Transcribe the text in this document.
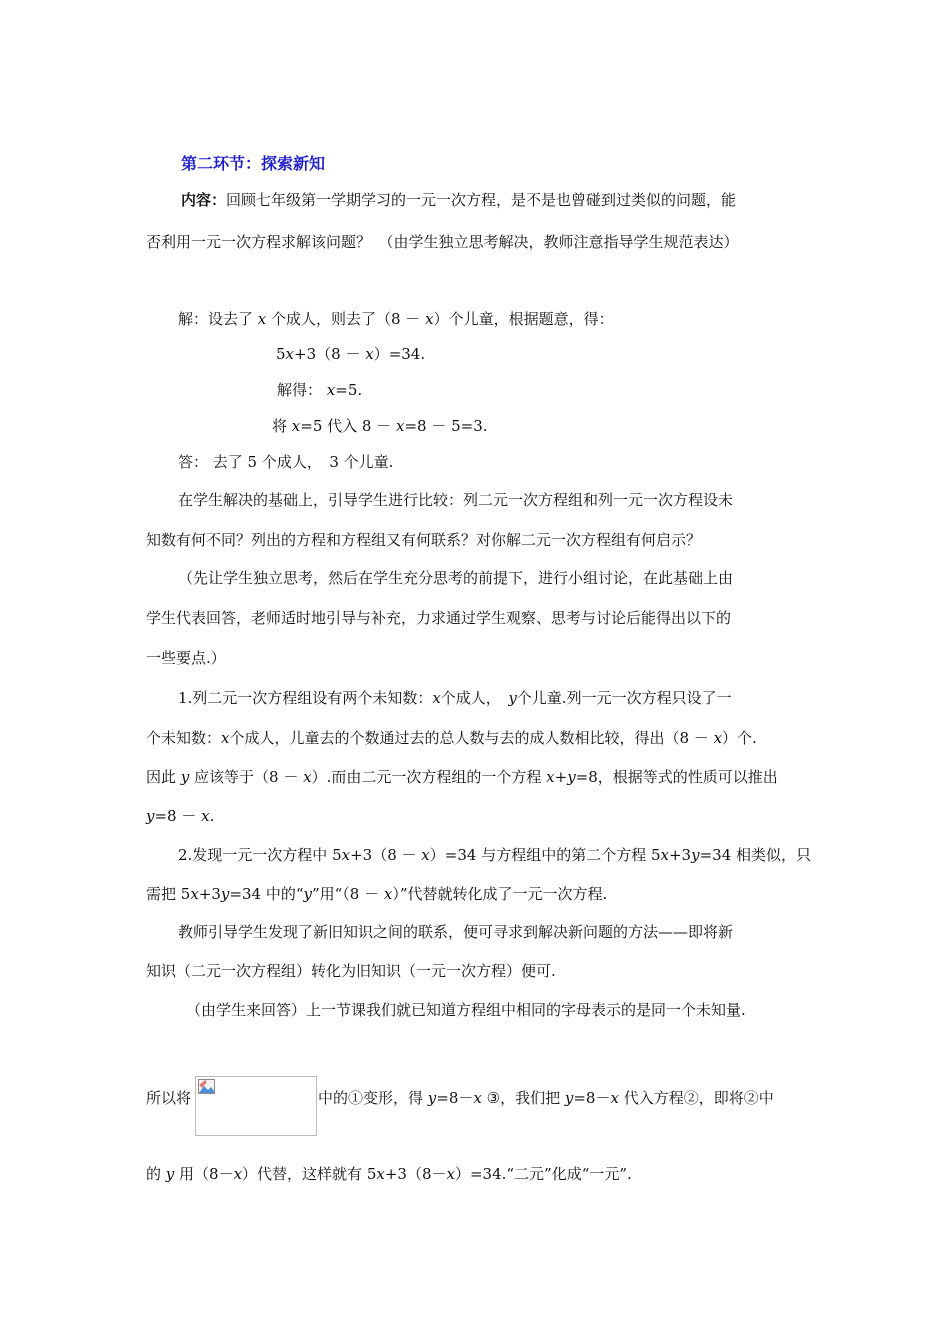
第二环节：探索新知
内容：回顾七年级第一学期学习的一元一次方程，是不是也曾碰到过类似的问题，能
否利用一元一次方程求解该问题？　（由学生独立思考解决，教师注意指导学生规范表达）
解：设去了 x 个成人，则去了（8 － x）个儿童，根据题意，得：
5x+3（8 － x）=34.
解得： x=5.
将 x=5 代入 8 － x=8 － 5=3.
答： 去了 5 个成人，　3 个儿童.
在学生解决的基础上，引导学生进行比较：列二元一次方程组和列一元一次方程设未
知数有何不同？列出的方程和方程组又有何联系？对你解二元一次方程组有何启示？
（先让学生独立思考，然后在学生充分思考的前提下，进行小组讨论，在此基础上由
学生代表回答，老师适时地引导与补充，力求通过学生观察、思考与讨论后能得出以下的
一些要点.）
1.列二元一次方程组设有两个未知数：x个成人，　y个儿童.列一元一次方程只设了一
个未知数：x个成人，儿童去的个数通过去的总人数与去的成人数相比较，得出（8 － x）个.
因此 y 应该等于（8 － x）.而由二元一次方程组的一个方程 x+y=8，根据等式的性质可以推出
y=8 － x.
2.发现一元一次方程中 5x+3（8 － x）=34 与方程组中的第二个方程 5x+3y=34 相类似，只
需把 5x+3y=34 中的“y”用“（8 － x）”代替就转化成了一元一次方程.
教师引导学生发现了新旧知识之间的联系，便可寻求到解决新问题的方法——即将新
知识（二元一次方程组）转化为旧知识（一元一次方程）便可.
（由学生来回答）上一节课我们就已知道方程组中相同的字母表示的是同一个未知量.
所以将	中的①变形，得 y=8－x ③，我们把 y=8－x 代入方程②，即将②中
的 y 用（8－x）代替，这样就有 5x+3（8－x）=34.“二元”化成“一元”.
